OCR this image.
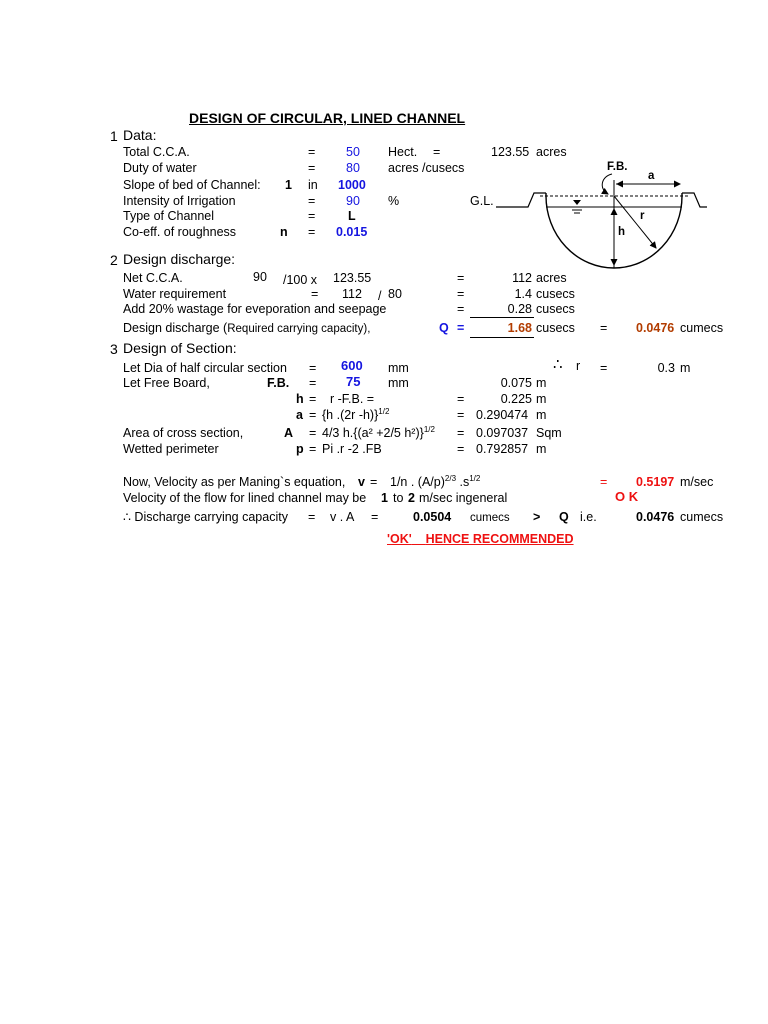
DESIGN OF CIRCULAR, LINED CHANNEL
1 Data:
Total C.C.A.	= 50 Hect. =	123.55 acres
Duty of water	= 80 acres /cusecs
Slope of bed of Channel: 1 in 1000
Intensity of Irrigation	= 90 %
Type of Channel	=	L
Co-eff. of roughness	n = 0.015
F.B.
a
G.L.
r
h
2 Design discharge:
Net C.C.A.	90 /100 x 123.55	=	112 acres
Water requirement	= 112 / 80	=	1.4 cusecs
Add 20% wastage for eveporation and seepage	=	0.28 cusecs
Design discharge (Required carrying capacity),	Q =	1.68 cusecs = 0.0476 cumecs
3 Design of Section:
Let Dia of half circular section = 600 mm	∴ r =	0.3 m
Let Free Board,	F.B. = 75 mm	0.075 m
h = r -F.B. =	=	0.225 m
a = {h .(2r -h)}$^{1/2}$	= 0.290474 m
Area of cross section,	A = 4/3 h.{(a² +2/5 h²)}$^{1/2}$ = 0.097037 Sqm
Wetted perimeter	p = Pi .r -2 .FB	= 0.792857 m
Now, Velocity as per Maning`s equation, v = 1/n . $(A/p)^{2/3}$ $.s^{1/2}$	= 0.5197 m/sec
Velocity of the flow for lined channel may be 1 to 2 m/sec ingeneral	O K
∴ Discharge carrying capacity = v . A =	0.0504 cumecs > Q i.e.	0.0476 cumecs
'OK' HENCE RECOMMENDED
